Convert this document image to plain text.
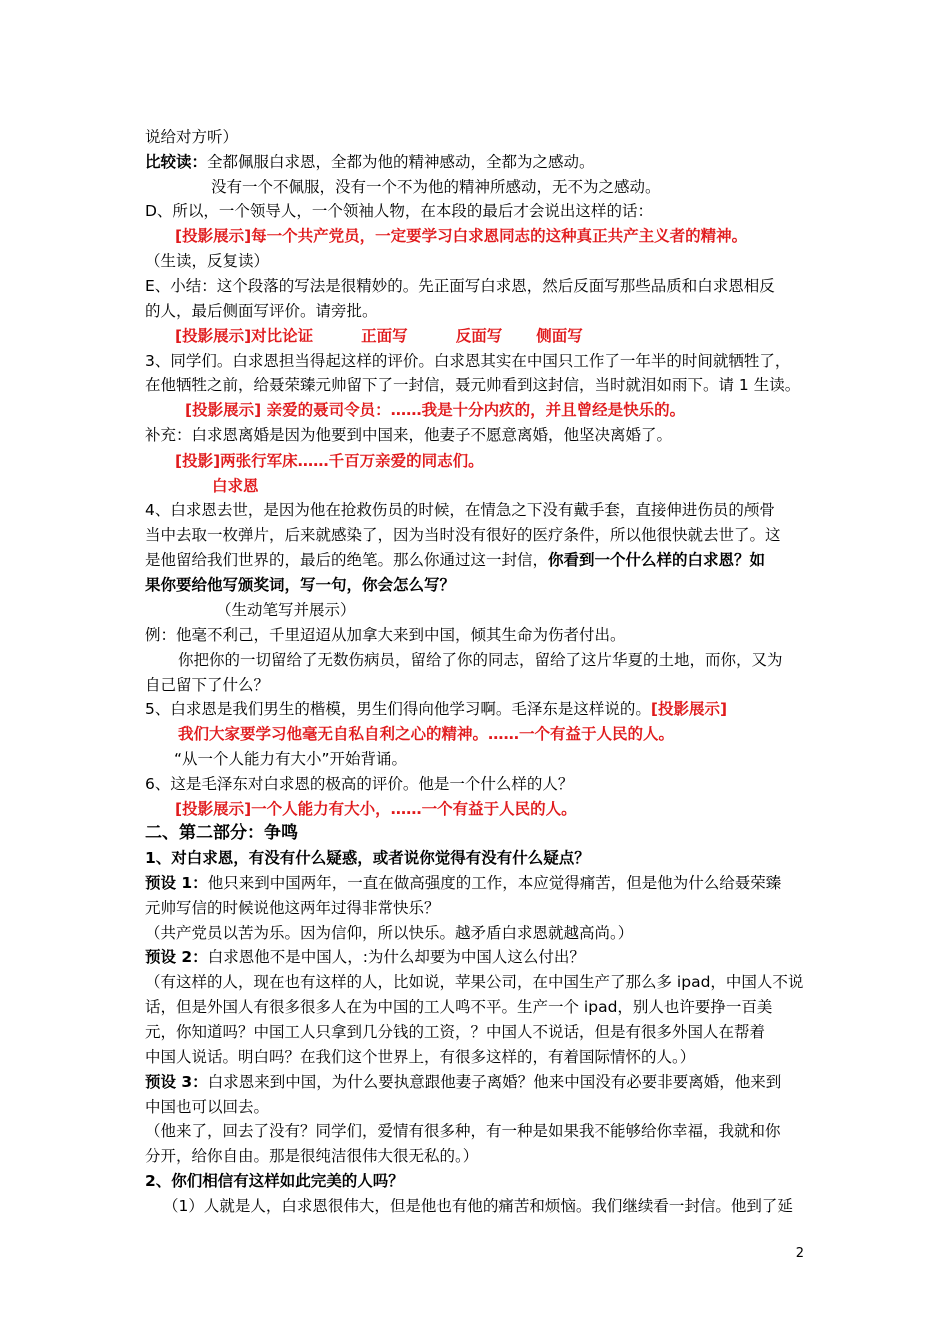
说给对方听）
比较读：全都佩服白求恩，全都为他的精神感动，全都为之感动。
没有一个不佩服，没有一个不为他的精神所感动，无不为之感动。
D、所以，一个领导人，一个领袖人物，在本段的最后才会说出这样的话：
[投影展示]每一个共产党员，一定要学习白求恩同志的这种真正共产主义者的精神。
（生读，反复读）
E、小结：这个段落的写法是很精妙的。先正面写白求恩，然后反面写那些品质和白求恩相反
的人，最后侧面写评价。请旁批。
[投影展示]对比论证	正面写	反面写 侧面写
3、同学们。白求恩担当得起这样的评价。白求恩其实在中国只工作了一年半的时间就牺牲了，
在他牺牲之前，给聂荣臻元帅留下了一封信，聂元帅看到这封信，当时就泪如雨下。请 1 生读。
[投影展示] 亲爱的聂司令员：……我是十分内疚的，并且曾经是快乐的。
补充：白求恩离婚是因为他要到中国来，他妻子不愿意离婚，他坚决离婚了。
[投影]两张行军床……千百万亲爱的同志们。
白求恩
4、白求恩去世，是因为他在抢救伤员的时候，在情急之下没有戴手套，直接伸进伤员的颅骨
当中去取一枚弹片，后来就感染了，因为当时没有很好的医疗条件，所以他很快就去世了。这
是他留给我们世界的，最后的绝笔。那么你通过这一封信，你看到一个什么样的白求恩？如
果你要给他写颁奖词，写一句，你会怎么写？
（生动笔写并展示）
例：他毫不利己，千里迢迢从加拿大来到中国，倾其生命为伤者付出。
你把你的一切留给了无数伤病员，留给了你的同志，留给了这片华夏的土地，而你，又为
自己留下了什么？
5、白求恩是我们男生的楷模，男生们得向他学习啊。毛泽东是这样说的。[投影展示]
我们大家要学习他毫无自私自利之心的精神。……一个有益于人民的人。
“从一个人能力有大小”开始背诵。
6、这是毛泽东对白求恩的极高的评价。他是一个什么样的人？
[投影展示]一个人能力有大小，……一个有益于人民的人。
二、第二部分：争鸣
1、对白求恩，有没有什么疑惑，或者说你觉得有没有什么疑点？
预设 1：他只来到中国两年，一直在做高强度的工作，本应觉得痛苦，但是他为什么给聂荣臻
元帅写信的时候说他这两年过得非常快乐？
（共产党员以苦为乐。因为信仰，所以快乐。越矛盾白求恩就越高尚。）
预设 2：白求恩他不是中国人，:为什么却要为中国人这么付出？
（有这样的人，现在也有这样的人，比如说，苹果公司，在中国生产了那么多 ipad，中国人不说
话，但是外国人有很多很多人在为中国的工人鸣不平。生产一个 ipad，别人也许要挣一百美
元，你知道吗？中国工人只拿到几分钱的工资，？中国人不说话，但是有很多外国人在帮着
中国人说话。明白吗？在我们这个世界上，有很多这样的，有着国际情怀的人。）
预设 3：白求恩来到中国，为什么要执意跟他妻子离婚？他来中国没有必要非要离婚，他来到
中国也可以回去。
（他来了，回去了没有？同学们，爱情有很多种，有一种是如果我不能够给你幸福，我就和你
分开，给你自由。那是很纯洁很伟大很无私的。）
2、你们相信有这样如此完美的人吗？
（1）人就是人，白求恩很伟大，但是他也有他的痛苦和烦恼。我们继续看一封信。他到了延
2
